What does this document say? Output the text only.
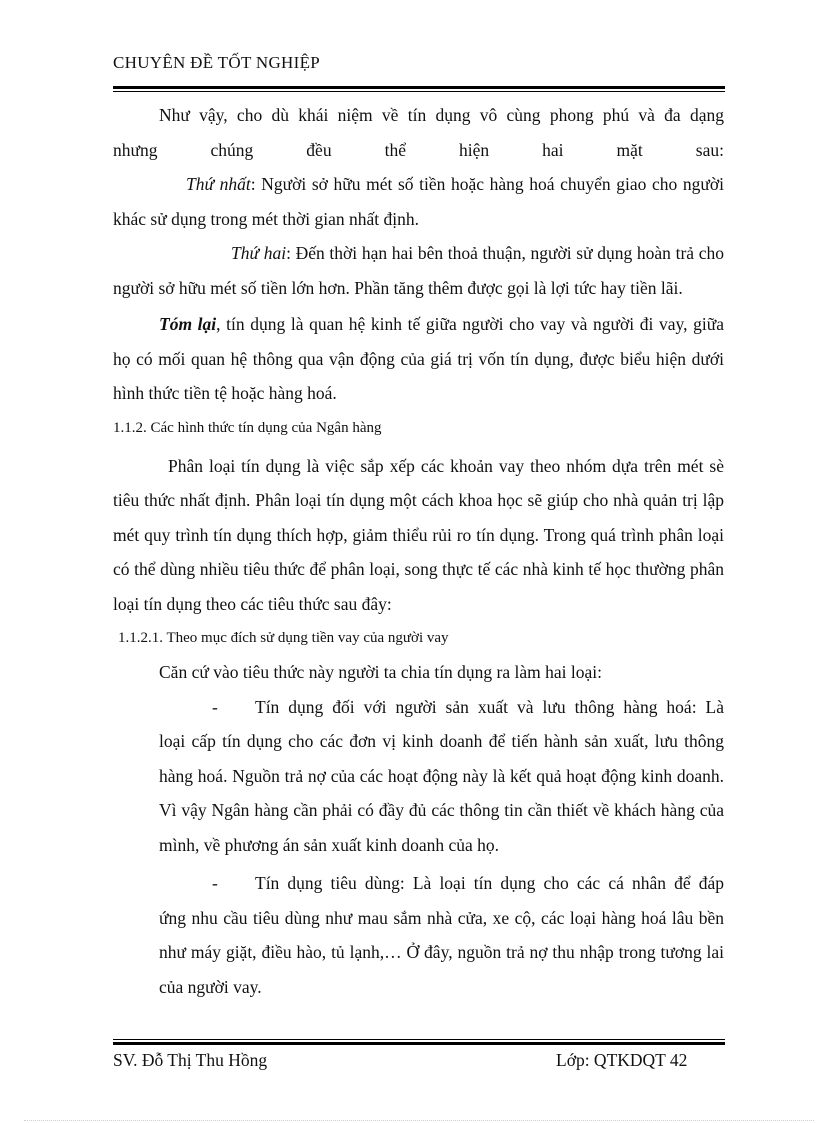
CHUYÊN ĐỀ TỐT NGHIỆP

Như vậy, cho dù khái niệm về tín dụng vô cùng phong phú và đa dạng

nhưng chúng đều thể hiện hai mặt sau:

Thứ nhất: Người sở hữu mét số tiền hoặc hàng hoá chuyển giao cho người khác sử dụng trong mét thời gian nhất định.

Thứ hai: Đến thời hạn hai bên thoả thuận, người sử dụng hoàn trả cho người sở hữu mét số tiền lớn hơn. Phần tăng thêm được gọi là lợi tức hay tiền lãi.

Tóm lại, tín dụng là quan hệ kinh tế giữa người cho vay và người đi vay, giữa họ có mối quan hệ thông qua vận động của giá trị vốn tín dụng, được biểu hiện dưới hình thức tiền tệ hoặc hàng hoá.

1.1.2. Các hình thức tín dụng của Ngân hàng

Phân loại tín dụng là việc sắp xếp các khoản vay theo nhóm dựa trên mét sè tiêu thức nhất định. Phân loại tín dụng một cách khoa học sẽ giúp cho nhà quản trị lập mét quy trình tín dụng thích hợp, giảm thiểu rủi ro tín dụng. Trong quá trình phân loại có thể dùng nhiều tiêu thức để phân loại, song thực tế các nhà kinh tế học thường phân loại tín dụng theo các tiêu thức sau đây:

1.1.2.1. Theo mục đích sử dụng tiền vay của người vay

Căn cứ vào tiêu thức này người ta chia tín dụng ra làm hai loại:

-	Tín dụng đối với người sản xuất và lưu thông hàng hoá: Là
loại cấp tín dụng cho các đơn vị kinh doanh để tiến hành sản xuất, lưu thông hàng hoá. Nguồn trả nợ của các hoạt động này là kết quả hoạt động kinh doanh. Vì vậy Ngân hàng cần phải có đầy đủ các thông tin cần thiết về khách hàng của mình, về phương án sản xuất kinh doanh của họ.
-	Tín dụng tiêu dùng: Là loại tín dụng cho các cá nhân để đáp
ứng nhu cầu tiêu dùng như mau sắm nhà cửa, xe cộ, các loại hàng hoá lâu bền như máy giặt, điều hào, tủ lạnh,… Ở đây, nguồn trả nợ thu nhập trong tương lai của người vay.
SV. Đỗ Thị Thu Hồng	Lớp: QTKDQT 42
